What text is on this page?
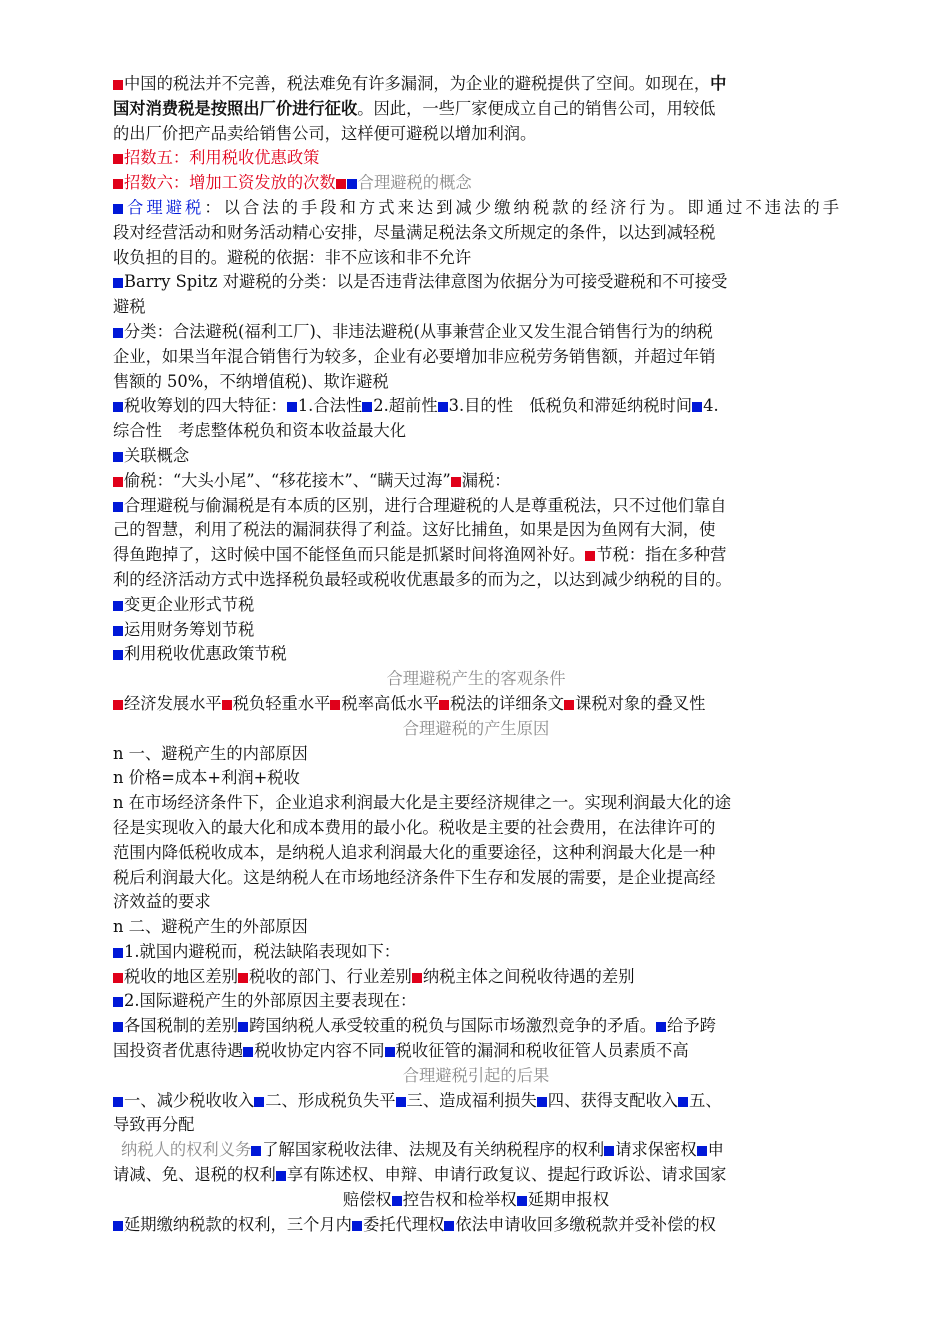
中国的税法并不完善，税法难免有许多漏洞，为企业的避税提供了空间。如现在，中
国对消费税是按照出厂价进行征收。因此，一些厂家便成立自己的销售公司，用较低
的出厂价把产品卖给销售公司，这样便可避税以增加利润。
招数五：利用税收优惠政策
招数六：增加工资发放的次数 合理避税的概念
合理避税：以合法的手段和方式来达到减少缴纳税款的经济行为。即通过不违法的手
段对经营活动和财务活动精心安排，尽量满足税法条文所规定的条件，以达到减轻税
收负担的目的。避税的依据：非不应该和非不允许
Barry Spitz 对避税的分类：以是否违背法律意图为依据分为可接受避税和不可接受
避税
分类：合法避税(福利工厂)、非违法避税(从事兼营企业又发生混合销售行为的纳税
企业，如果当年混合销售行为较多，企业有必要增加非应税劳务销售额，并超过年销
售额的 50%，不纳增值税)、欺诈避税
税收筹划的四大特征： 1.合法性 2.超前性 3.目的性　低税负和滞延纳税时间 4.
综合性　考虑整体税负和资本收益最大化
关联概念
偷税：“大头小尾”、“移花接木”、“瞒天过海” 漏税：
合理避税与偷漏税是有本质的区别，进行合理避税的人是尊重税法，只不过他们靠自
己的智慧，利用了税法的漏洞获得了利益。这好比捕鱼，如果是因为鱼网有大洞，使
得鱼跑掉了，这时候中国不能怪鱼而只能是抓紧时间将渔网补好。 节税：指在多种营
利的经济活动方式中选择税负最轻或税收优惠最多的而为之，以达到减少纳税的目的。
变更企业形式节税
运用财务筹划节税
利用税收优惠政策节税
合理避税产生的客观条件
经济发展水平 税负轻重水平 税率高低水平 税法的详细条文 课税对象的叠叉性
合理避税的产生原因
n 一、避税产生的内部原因
n 价格=成本+利润+税收
n 在市场经济条件下，企业追求利润最大化是主要经济规律之一。实现利润最大化的途
径是实现收入的最大化和成本费用的最小化。税收是主要的社会费用，在法律许可的
范围内降低税收成本，是纳税人追求利润最大化的重要途径，这种利润最大化是一种
税后利润最大化。这是纳税人在市场地经济条件下生存和发展的需要，是企业提高经
济效益的要求
n 二、避税产生的外部原因
1.就国内避税而，税法缺陷表现如下：
税收的地区差别 税收的部门、行业差别 纳税主体之间税收待遇的差别
2.国际避税产生的外部原因主要表现在：
各国税制的差别 跨国纳税人承受较重的税负与国际市场激烈竞争的矛盾。 给予跨
国投资者优惠待遇 税收协定内容不同 税收征管的漏洞和税收征管人员素质不高
合理避税引起的后果
一、减少税收收入 二、形成税负失平 三、造成福利损失 四、获得支配收入 五、
导致再分配
纳税人的权利义务 了解国家税收法律、法规及有关纳税程序的权利 请求保密权 申
请减、免、退税的权利 享有陈述权、申辩、申请行政复议、提起行政诉讼、请求国家
赔偿权 控告权和检举权 延期申报权
延期缴纳税款的权利，三个月内 委托代理权 依法申请收回多缴税款并受补偿的权
